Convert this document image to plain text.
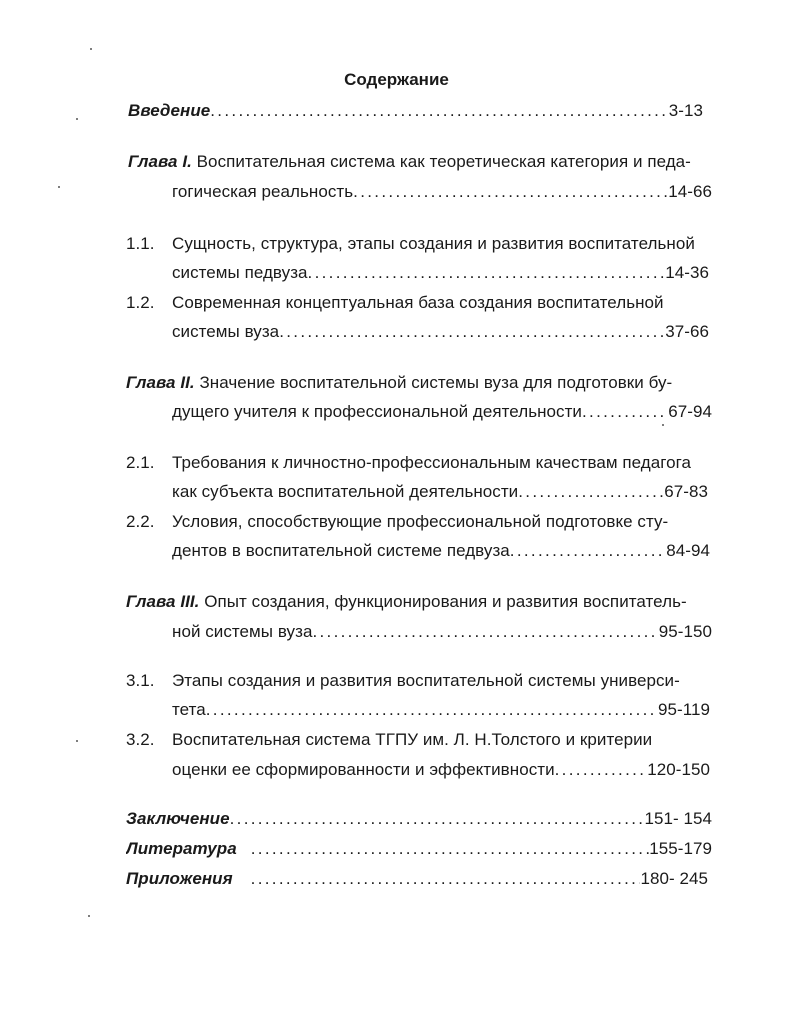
Содержание
Введение . . .	3-13
Глава I. Воспитательная система как теоретическая категория и педа-
гогическая реальность . . .	14-66
1.1. Сущность, структура, этапы создания и развития воспитательной
системы педвуза . . .	14-36
1.2. Современная концептуальная база создания воспитательной
системы вуза . . .	37-66
Глава II. Значение воспитательной системы вуза для подготовки бу-
дущего учителя к профессиональной деятельности . . .	67-94
2.1. Требования к личностно-профессиональным качествам педагога
как субъекта воспитательной деятельности . . .	67-83
2.2. Условия, способствующие профессиональной подготовке сту-
дентов в воспитательной системе педвуза . . .	84-94
Глава III. Опыт создания, функционирования и развития воспитатель-
ной системы вуза . . .	95-150
3.1. Этапы создания и развития воспитательной системы универси-
тета . . .	95-119
3.2. Воспитательная система ТГПУ им. Л. Н.Толстого и критерии
оценки ее сформированности и эффективности . . .	120-150
Заключение . . .	151- 154
Литература . . .	155-179
Приложения . . .	180- 245
